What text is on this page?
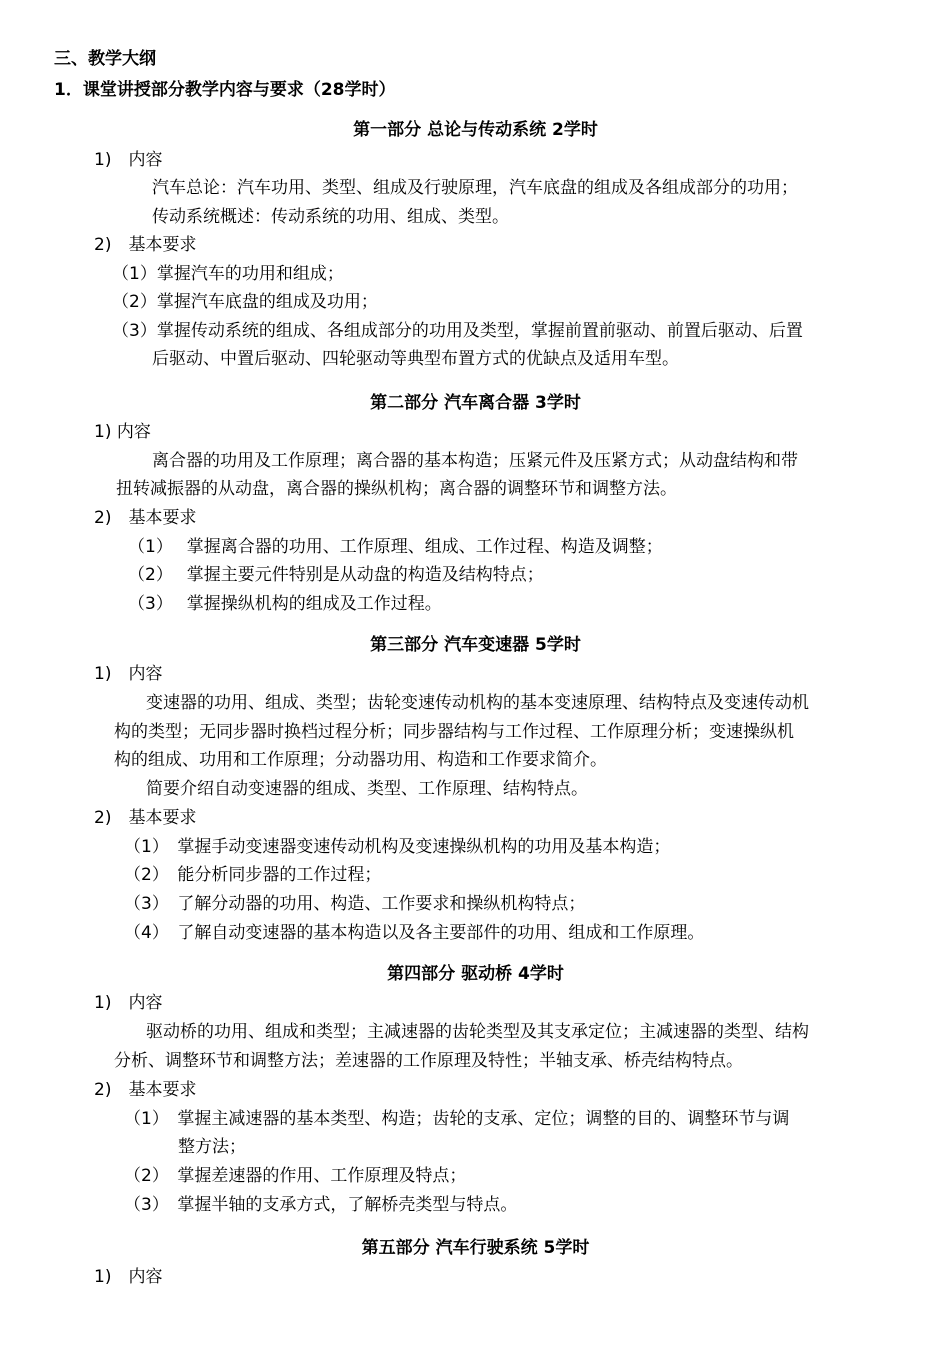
三、教学大纲
1．课堂讲授部分教学内容与要求（28学时）
第一部分 总论与传动系统 2学时
1)　内容
汽车总论：汽车功用、类型、组成及行驶原理，汽车底盘的组成及各组成部分的功用；
传动系统概述：传动系统的功用、组成、类型。
2)　基本要求
（1）掌握汽车的功用和组成；
（2）掌握汽车底盘的组成及功用；
（3）掌握传动系统的组成、各组成部分的功用及类型，掌握前置前驱动、前置后驱动、后置
后驱动、中置后驱动、四轮驱动等典型布置方式的优缺点及适用车型。
第二部分 汽车离合器 3学时
1) 内容
离合器的功用及工作原理；离合器的基本构造；压紧元件及压紧方式；从动盘结构和带
扭转减振器的从动盘，离合器的操纵机构；离合器的调整环节和调整方法。
2)　基本要求
（1）　 掌握离合器的功用、工作原理、组成、工作过程、构造及调整；
（2）　 掌握主要元件特别是从动盘的构造及结构特点；
（3）　 掌握操纵机构的组成及工作过程。
第三部分 汽车变速器 5学时
1)　内容
变速器的功用、组成、类型；齿轮变速传动机构的基本变速原理、结构特点及变速传动机
构的类型；无同步器时换档过程分析；同步器结构与工作过程、工作原理分析；变速操纵机
构的组成、功用和工作原理；分动器功用、构造和工作要求简介。
简要介绍自动变速器的组成、类型、工作原理、结构特点。
2)　基本要求
（1）　掌握手动变速器变速传动机构及变速操纵机构的功用及基本构造；
（2）　能分析同步器的工作过程；
（3）　了解分动器的功用、构造、工作要求和操纵机构特点；
（4）　了解自动变速器的基本构造以及各主要部件的功用、组成和工作原理。
第四部分 驱动桥 4学时
1)　内容
驱动桥的功用、组成和类型；主减速器的齿轮类型及其支承定位；主减速器的类型、结构
分析、调整环节和调整方法；差速器的工作原理及特性；半轴支承、桥壳结构特点。
2)　基本要求
（1）　掌握主减速器的基本类型、构造；齿轮的支承、定位；调整的目的、调整环节与调
整方法；
（2）　掌握差速器的作用、工作原理及特点；
（3）　掌握半轴的支承方式，了解桥壳类型与特点。
第五部分 汽车行驶系统 5学时
1)　内容
